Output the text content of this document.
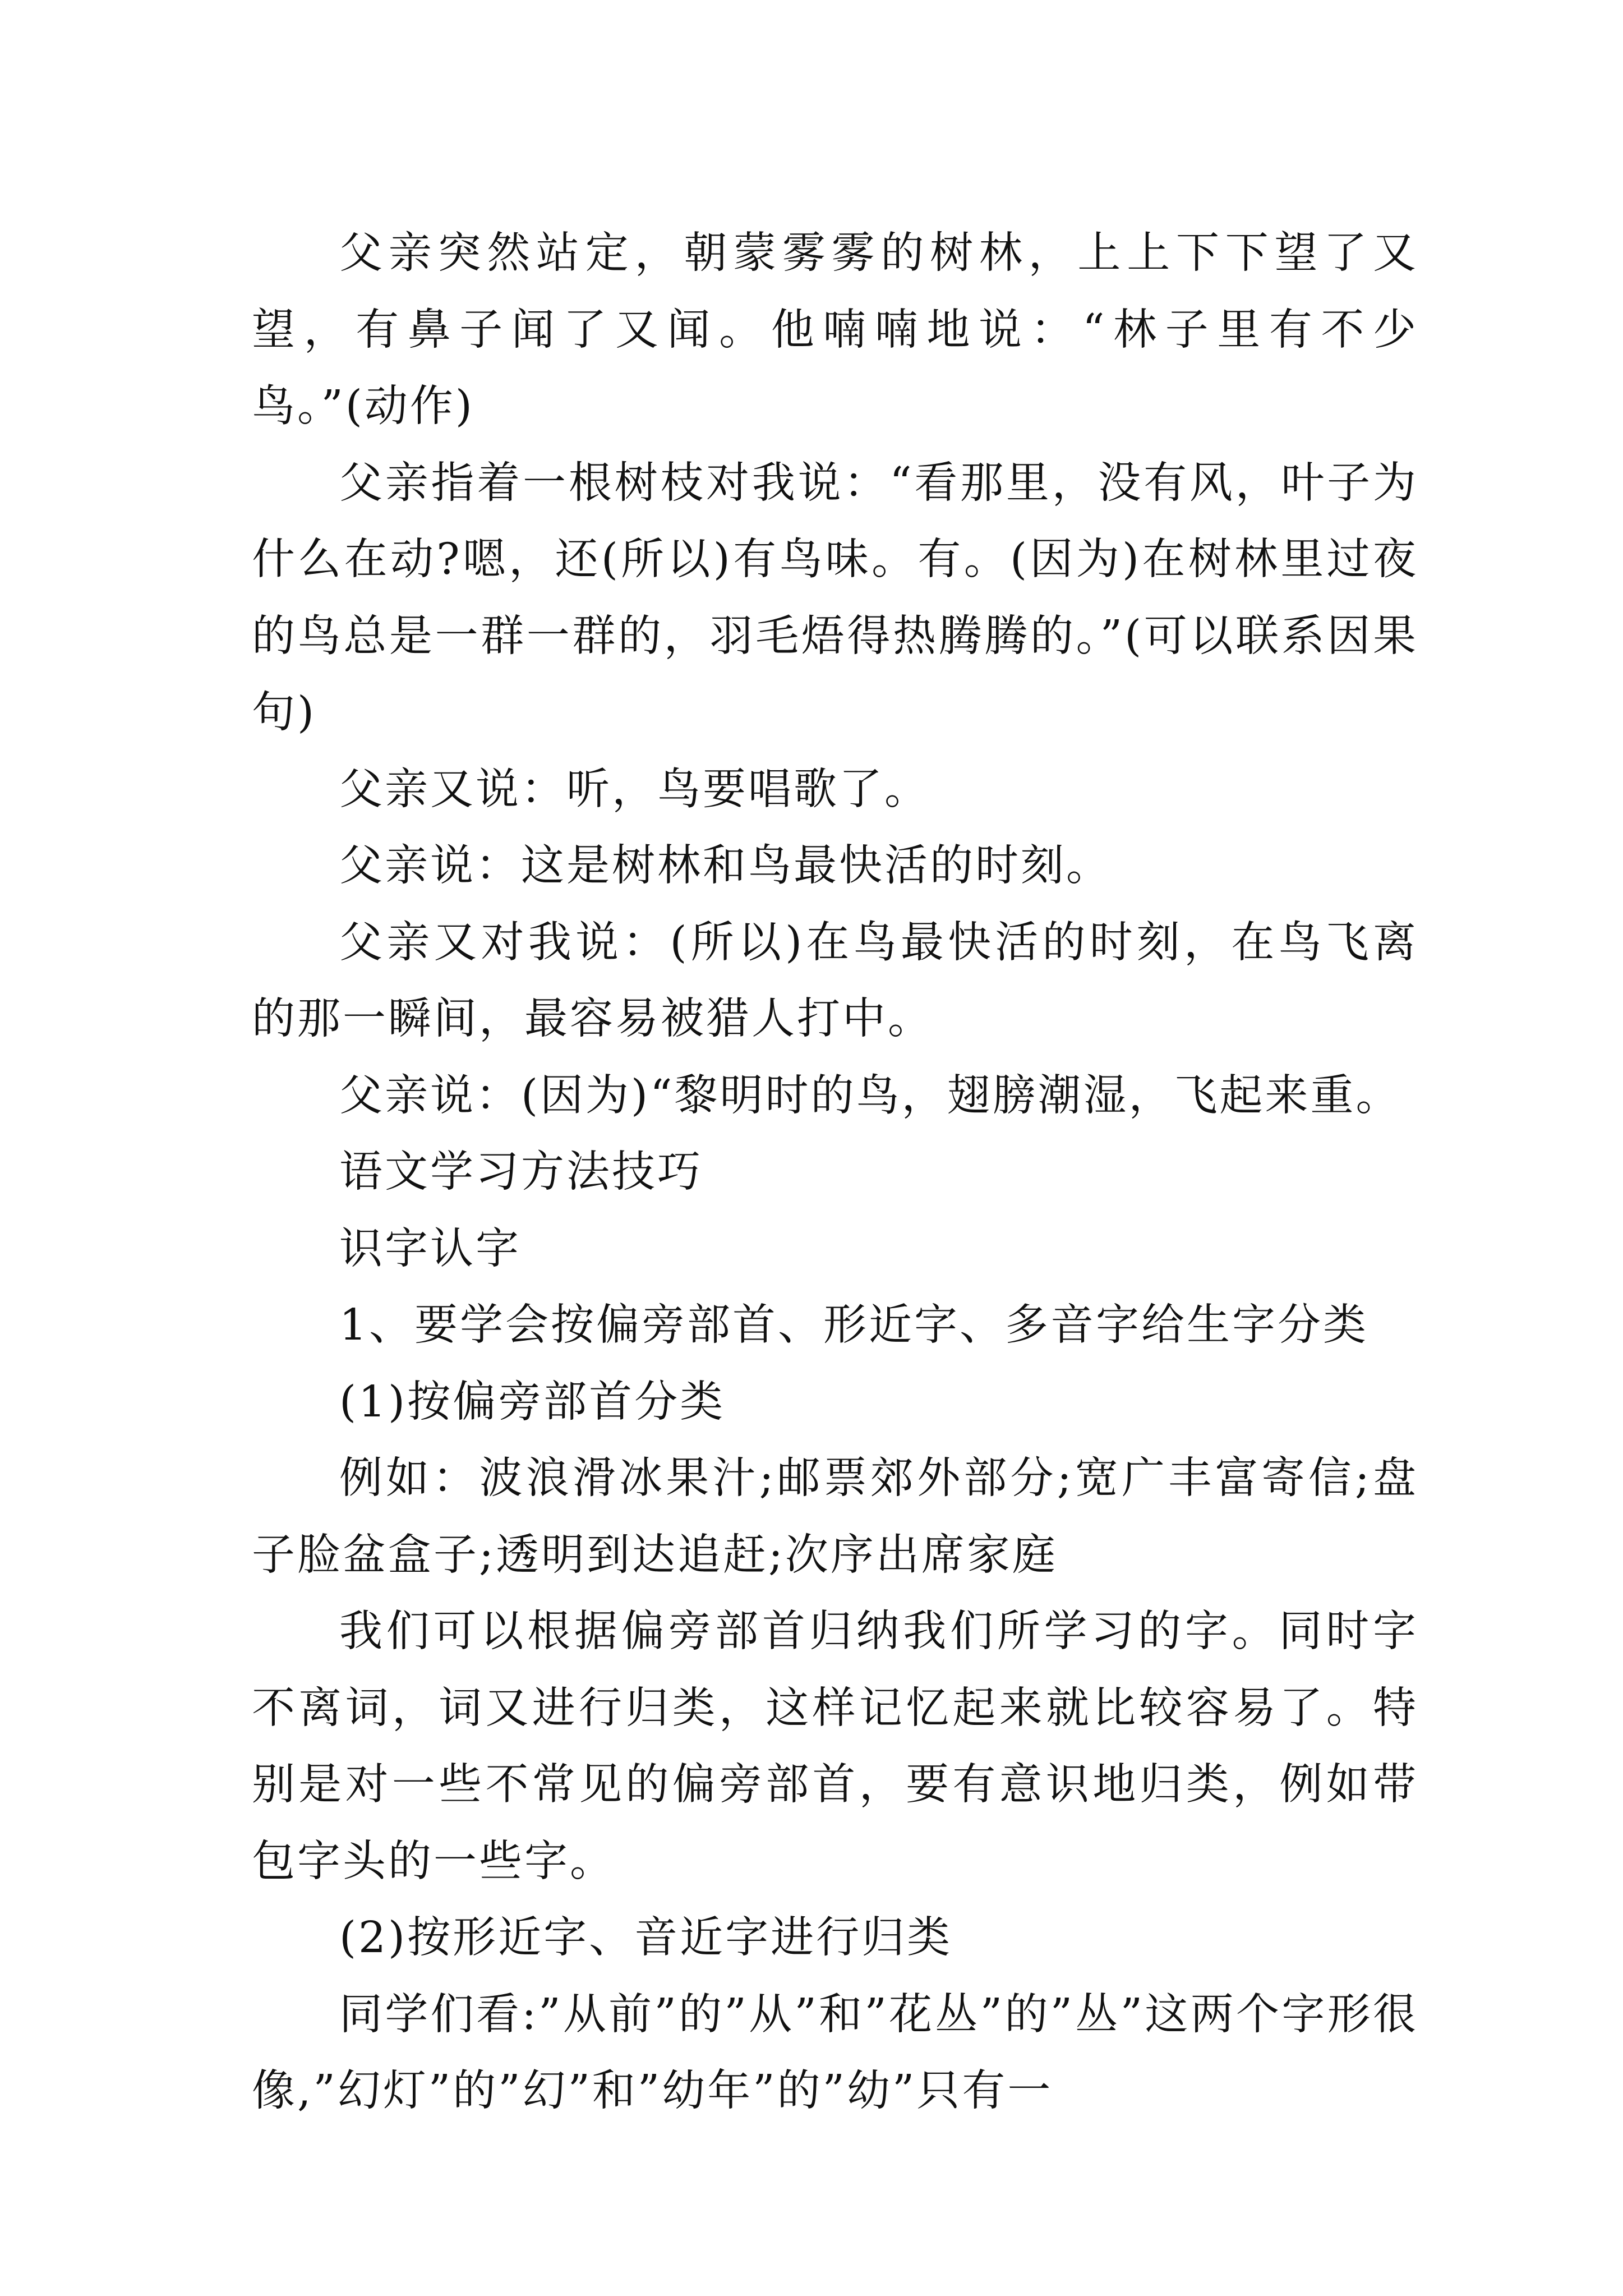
父亲突然站定，朝蒙雾雾的树林，上上下下望了又望，有鼻子闻了又闻。他喃喃地说：“林子里有不少鸟。”(动作)

父亲指着一根树枝对我说：“看那里，没有风，叶子为什么在动?嗯，还(所以)有鸟味。有。(因为)在树林里过夜的鸟总是一群一群的，羽毛焐得热腾腾的。”(可以联系因果句)

父亲又说：听，鸟要唱歌了。

父亲说：这是树林和鸟最快活的时刻。

父亲又对我说：(所以)在鸟最快活的时刻，在鸟飞离的那一瞬间，最容易被猎人打中。

父亲说：(因为)“黎明时的鸟，翅膀潮湿，飞起来重。

语文学习方法技巧

识字认字

1、要学会按偏旁部首、形近字、多音字给生字分类

(1)按偏旁部首分类

例如：波浪滑冰果汁;邮票郊外部分;宽广丰富寄信;盘子脸盆盒子;透明到达追赶;次序出席家庭

我们可以根据偏旁部首归纳我们所学习的字。同时字不离词，词又进行归类，这样记忆起来就比较容易了。特别是对一些不常见的偏旁部首，要有意识地归类，例如带包字头的一些字。

(2)按形近字、音近字进行归类

同学们看:”从前”的”从”和”花丛”的”丛”这两个字形很像,”幻灯”的”幻”和”幼年”的”幼”只有一
